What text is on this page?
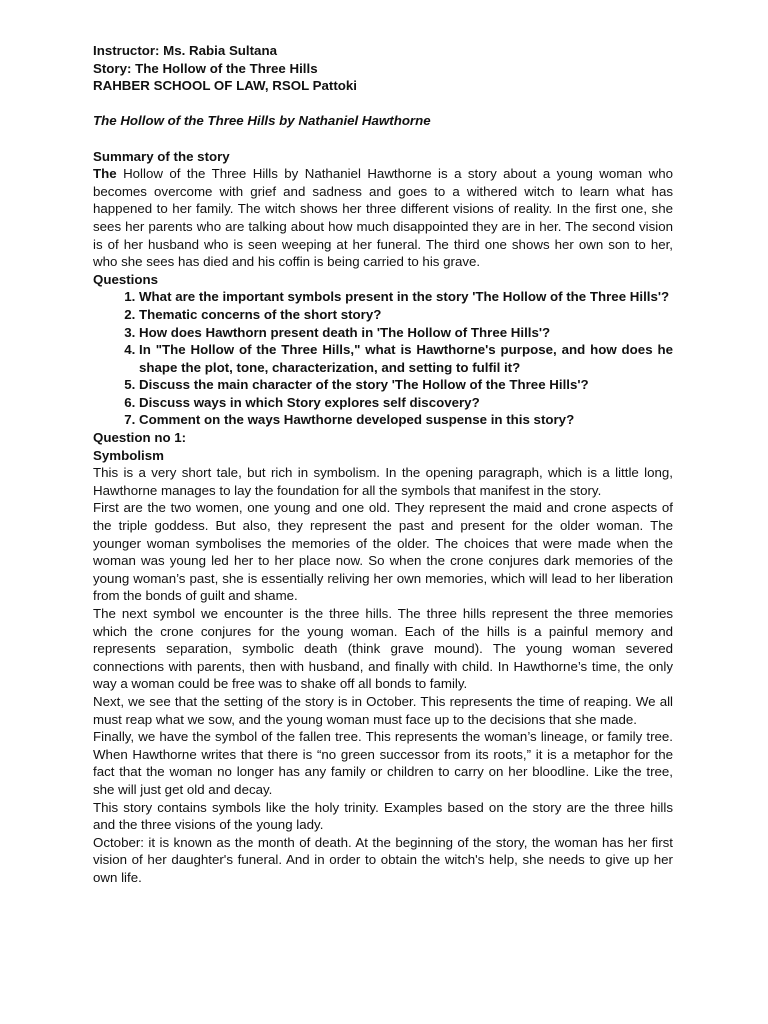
Instructor: Ms. Rabia Sultana
Story: The Hollow of the Three Hills
RAHBER SCHOOL OF LAW, RSOL Pattoki
The Hollow of the Three Hills by Nathaniel Hawthorne
Summary of the story

The Hollow of the Three Hills by Nathaniel Hawthorne is a story about a young woman who becomes overcome with grief and sadness and goes to a withered witch to learn what has happened to her family. The witch shows her three different visions of reality. In the first one, she sees her parents who are talking about how much disappointed they are in her. The second vision is of her husband who is seen weeping at her funeral. The third one shows her own son to her, who she sees has died and his coffin is being carried to his grave.

Questions
1. What are the important symbols present in the story 'The Hollow of the Three Hills'?
2. Thematic concerns of the short story?
3. How does Hawthorn present death in 'The Hollow of Three Hills'?
4. In "The Hollow of the Three Hills," what is Hawthorne's purpose, and how does he shape the plot, tone, characterization, and setting to fulfil it?
5. Discuss the main character of the story 'The Hollow of the Three Hills'?
6. Discuss ways in which Story explores self discovery?
7. Comment on the ways Hawthorne developed suspense in this story?
Question no 1:
Symbolism

This is a very short tale, but rich in symbolism. In the opening paragraph, which is a little long, Hawthorne manages to lay the foundation for all the symbols that manifest in the story.

First are the two women, one young and one old. They represent the maid and crone aspects of the triple goddess. But also, they represent the past and present for the older woman. The younger woman symbolises the memories of the older. The choices that were made when the woman was young led her to her place now. So when the crone conjures dark memories of the young woman’s past, she is essentially reliving her own memories, which will lead to her liberation from the bonds of guilt and shame.

The next symbol we encounter is the three hills. The three hills represent the three memories which the crone conjures for the young woman. Each of the hills is a painful memory and represents separation, symbolic death (think grave mound). The young woman severed connections with parents, then with husband, and finally with child. In Hawthorne’s time, the only way a woman could be free was to shake off all bonds to family.

Next, we see that the setting of the story is in October. This represents the time of reaping. We all must reap what we sow, and the young woman must face up to the decisions that she made.

Finally, we have the symbol of the fallen tree. This represents the woman’s lineage, or family tree. When Hawthorne writes that there is “no green successor from its roots,” it is a metaphor for the fact that the woman no longer has any family or children to carry on her bloodline. Like the tree, she will just get old and decay.

This story contains symbols like the holy trinity. Examples based on the story are the three hills and the three visions of the young lady.

October: it is known as the month of death. At the beginning of the story, the woman has her first vision of her daughter's funeral. And in order to obtain the witch's help, she needs to give up her own life.
